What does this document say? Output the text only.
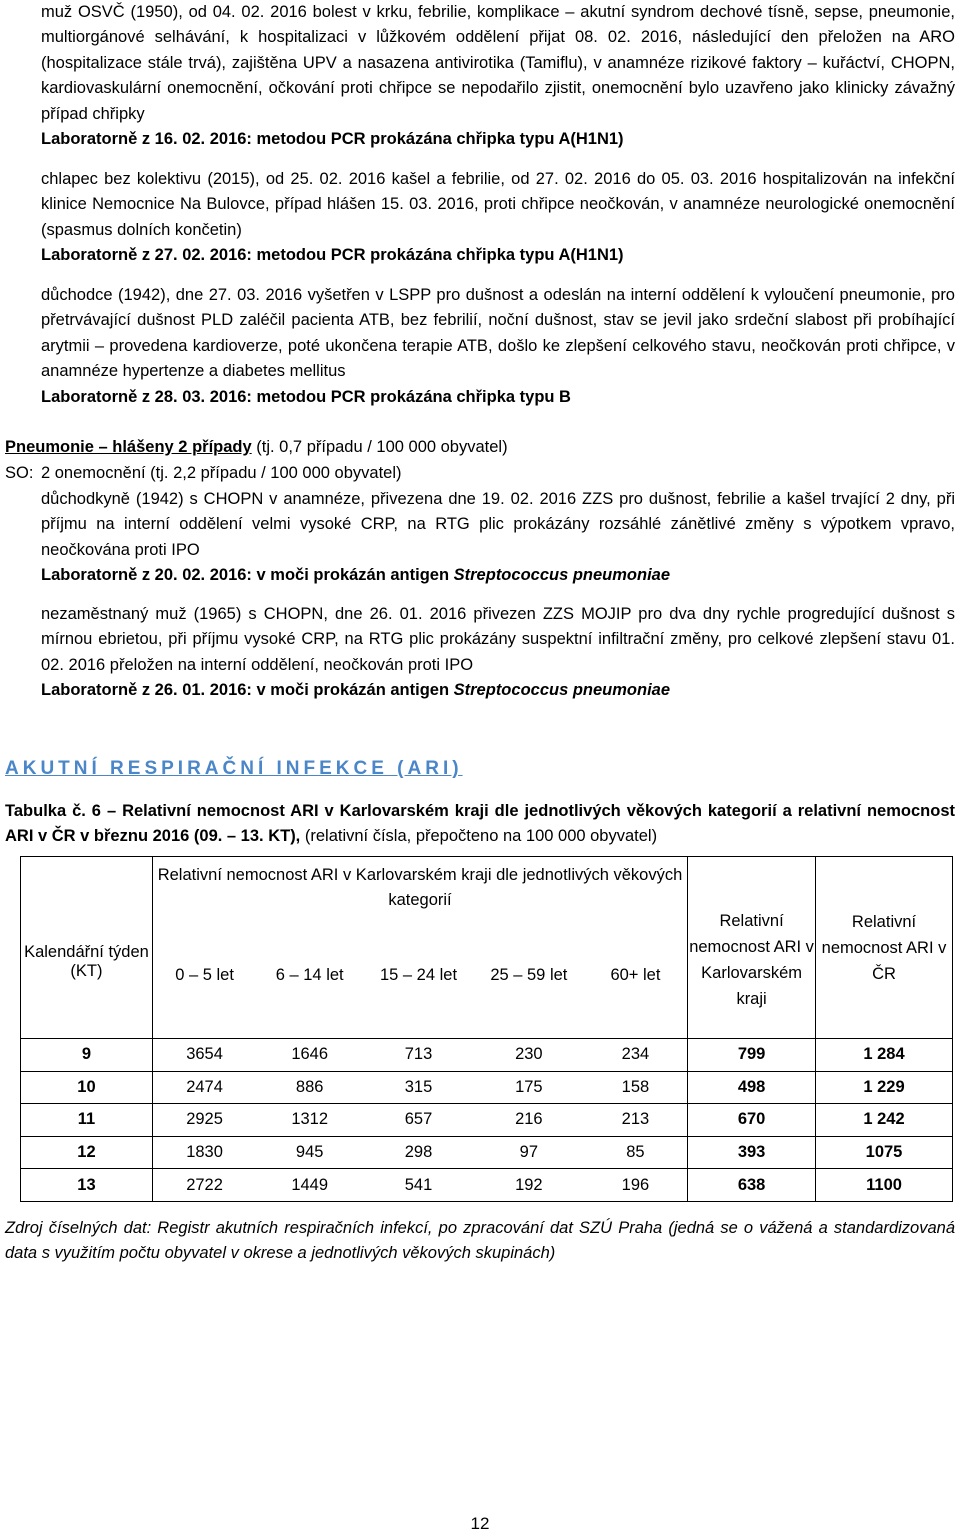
muž OSVČ (1950), od 04. 02. 2016 bolest v krku, febrilie, komplikace – akutní syndrom dechové tísně, sepse, pneumonie, multiorgánové selhávání, k hospitalizaci v lůžkovém oddělení přijat 08. 02. 2016, následující den přeložen na ARO (hospitalizace stále trvá), zajištěna UPV a nasazena antivirotika (Tamiflu), v anamnéze rizikové faktory – kuřáctví, CHOPN, kardiovaskulární onemocnění, očkování proti chřipce se nepodařilo zjistit, onemocnění bylo uzavřeno jako klinicky závažný případ chřipky

Laboratorně z 16. 02. 2016: metodou PCR prokázána chřipka typu A(H1N1)

chlapec bez kolektivu (2015), od 25. 02. 2016 kašel a febrilie, od 27. 02. 2016 do 05. 03. 2016 hospitalizován na infekční klinice Nemocnice Na Bulovce, případ hlášen 15. 03. 2016, proti chřipce neočkován, v anamnéze neurologické onemocnění (spasmus dolních končetin)

Laboratorně z 27. 02. 2016: metodou PCR prokázána chřipka typu A(H1N1)

důchodce (1942), dne 27. 03. 2016 vyšetřen v LSPP pro dušnost a odeslán na interní oddělení k vyloučení pneumonie, pro přetrvávající dušnost PLD zaléčil pacienta ATB, bez febrilií, noční dušnost, stav se jevil jako srdeční slabost při probíhající arytmii – provedena kardioverze, poté ukončena terapie ATB, došlo ke zlepšení celkového stavu, neočkován proti chřipce, v anamnéze hypertenze a diabetes mellitus

Laboratorně z 28. 03. 2016: metodou PCR prokázána chřipka typu B

Pneumonie – hlášeny 2 případy (tj. 0,7 případu / 100 000 obyvatel)
SO: 2 onemocnění (tj. 2,2 případu / 100 000 obyvatel)

důchodkyně (1942) s CHOPN v anamnéze, přivezena dne 19. 02. 2016 ZZS pro dušnost, febrilie a kašel trvající 2 dny, při příjmu na interní oddělení velmi vysoké CRP, na RTG plic prokázány rozsáhlé zánětlivé změny s výpotkem vpravo, neočkována proti IPO

Laboratorně z 20. 02. 2016: v moči prokázán antigen Streptococcus pneumoniae

nezaměstnaný muž (1965) s CHOPN, dne 26. 01. 2016 přivezen ZZS MOJIP pro dva dny rychle progredující dušnost s mírnou ebrietou, při příjmu vysoké CRP, na RTG plic prokázány suspektní infiltrační změny, pro celkové zlepšení stavu 01. 02. 2016 přeložen na interní oddělení, neočkován proti IPO

Laboratorně z 26. 01. 2016: v moči prokázán antigen Streptococcus pneumoniae

AKUTNÍ RESPIRAČNÍ INFEKCE (ARI)

Tabulka č. 6 – Relativní nemocnost ARI v Karlovarském kraji dle jednotlivých věkových kategorií a relativní nemocnost ARI v ČR v březnu 2016 (09. – 13. KT), (relativní čísla, přepočteno na 100 000 obyvatel)

Kalendářní týden (KT)	Relativní nemocnost ARI v Karlovarském kraji dle jednotlivých věkových kategorií					Relativní nemocnost ARI v Karlovarském kraji	Relativní nemocnost ARI v ČR
	0 – 5 let	6 – 14 let	15 – 24 let	25 – 59 let	60+ let		
9	3654	1646	713	230	234	799	1 284
10	2474	886	315	175	158	498	1 229
11	2925	1312	657	216	213	670	1 242
12	1830	945	298	97	85	393	1075
13	2722	1449	541	192	196	638	1100
Zdroj číselných dat: Registr akutních respiračních infekcí, po zpracování dat SZÚ Praha (jedná se o vážená a standardizovaná data s využitím počtu obyvatel v okrese a jednotlivých věkových skupinách)
12
